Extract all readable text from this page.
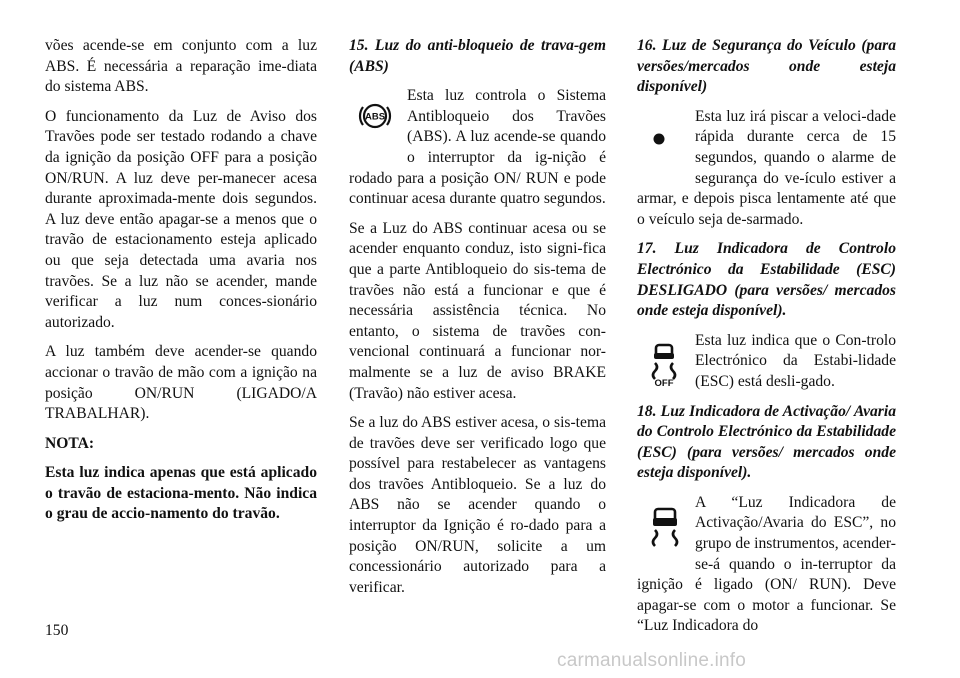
vões acende-se em conjunto com a luz ABS. É necessária a reparação ime-diata do sistema ABS.

O funcionamento da Luz de Aviso dos Travões pode ser testado rodando a chave da ignição da posição OFF para a posição ON/RUN. A luz deve per-manecer acesa durante aproximada-mente dois segundos. A luz deve então apagar-se a menos que o travão de estacionamento esteja aplicado ou que seja detectada uma avaria nos travões. Se a luz não se acender, mande verificar a luz num conces-sionário autorizado.

A luz também deve acender-se quando accionar o travão de mão com a ignição na posição ON/RUN (LIGADO/A TRABALHAR).

NOTA:

Esta luz indica apenas que está aplicado o travão de estaciona-mento. Não indica o grau de accio-namento do travão.

15. Luz do anti-bloqueio de trava-gem (ABS)

ABS

Esta luz controla o Sistema Antibloqueio dos Travões (ABS). A luz acende-se quando o interruptor da ig-nição é rodado para a posição ON/ RUN e pode continuar acesa durante quatro segundos.

Se a Luz do ABS continuar acesa ou se acender enquanto conduz, isto signi-fica que a parte Antibloqueio do sis-tema de travões não está a funcionar e que é necessária assistência técnica. No entanto, o sistema de travões con-vencional continuará a funcionar nor-malmente se a luz de aviso BRAKE (Travão) não estiver acesa.

Se a luz do ABS estiver acesa, o sis-tema de travões deve ser verificado logo que possível para restabelecer as vantagens dos travões Antibloqueio. Se a luz do ABS não se acender quando o interruptor da Ignição é ro-dado para a posição ON/RUN, solicite a um concessionário autorizado para a verificar.

16. Luz de Segurança do Veículo (para versões/mercados onde esteja disponível)

Esta luz irá piscar a veloci-dade rápida durante cerca de 15 segundos, quando o alarme de segurança do ve-ículo estiver a armar, e depois pisca lentamente até que o veículo seja de-sarmado.

17. Luz Indicadora de Controlo Electrónico da Estabilidade (ESC) DESLIGADO (para versões/ mercados onde esteja disponível).

OFF

Esta luz indica que o Con-trolo Electrónico da Estabi-lidade (ESC) está desli-gado.

18. Luz Indicadora de Activação/ Avaria do Controlo Electrónico da Estabilidade (ESC) (para versões/ mercados onde esteja disponível).

A “Luz Indicadora de Activação/Avaria do ESC”, no grupo de instrumentos, acender-se-á quando o in-terruptor da ignição é ligado (ON/ RUN). Deve apagar-se com o motor a funcionar. Se “Luz Indicadora do

150
carmanualsonline.info
